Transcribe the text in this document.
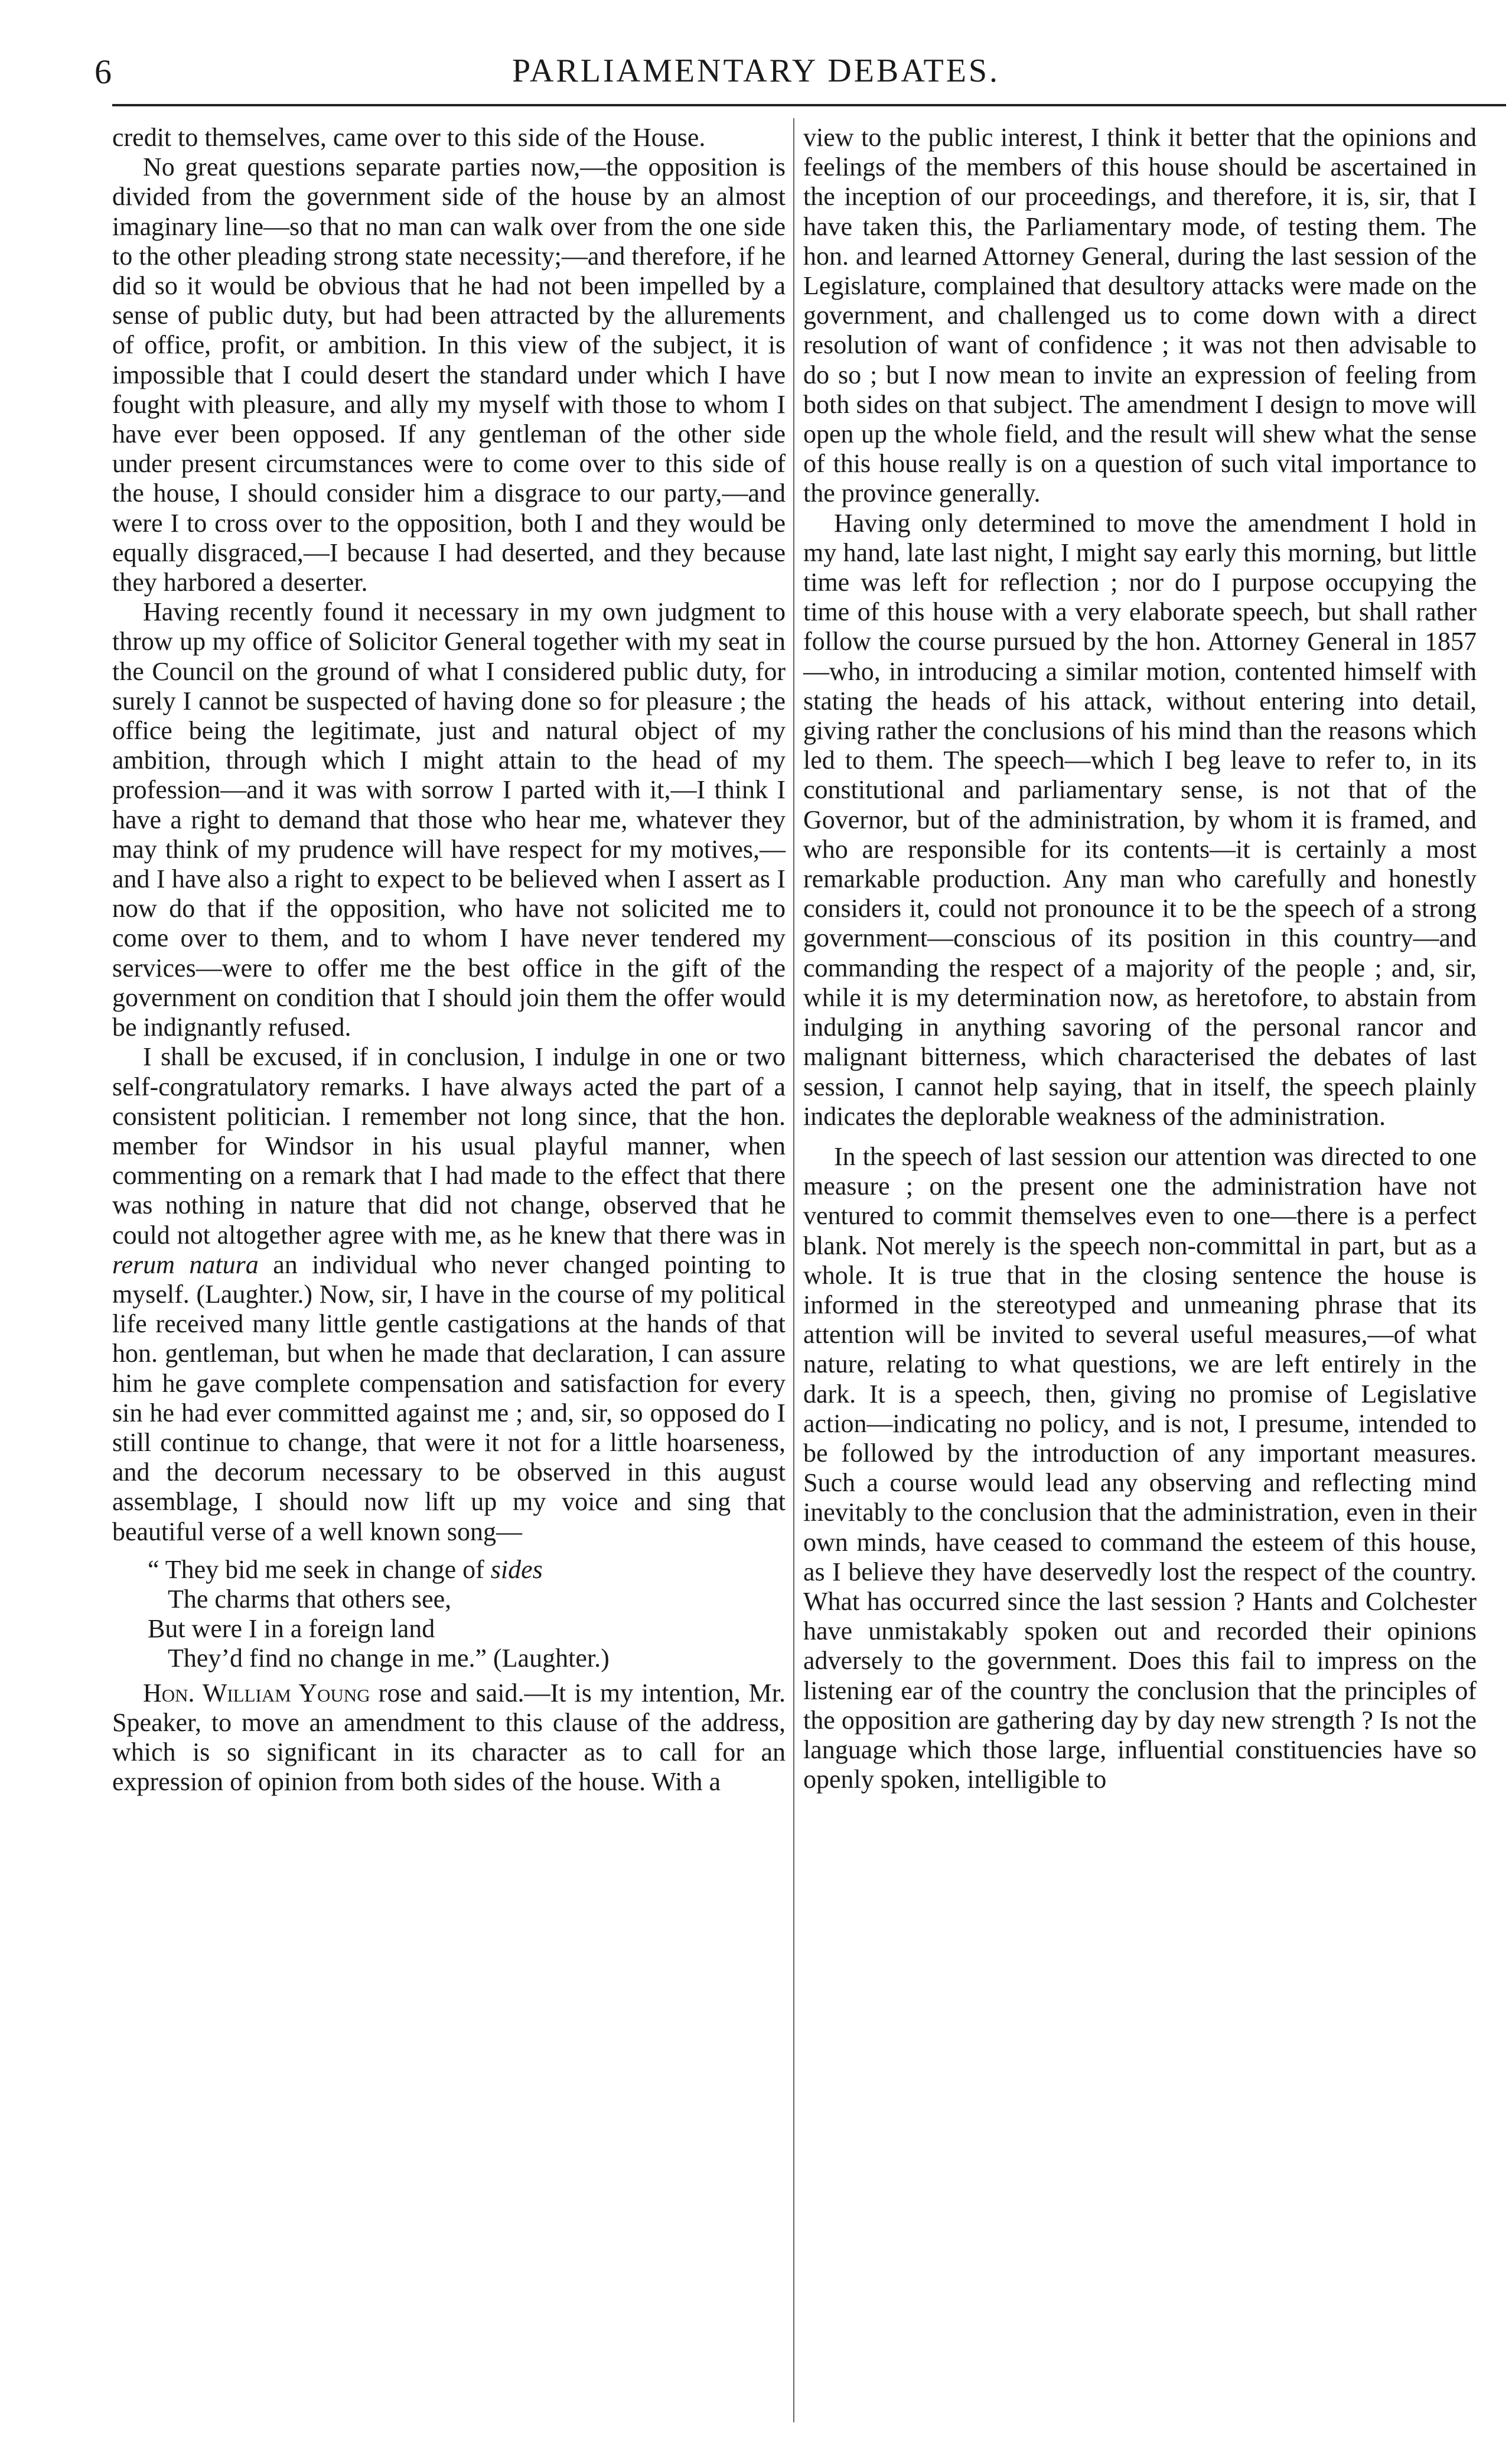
6	PARLIAMENTARY DEBATES.

credit to themselves, came over to this side of the House.

No great questions separate parties now,—the opposition is divided from the government side of the house by an almost imaginary line—so that no man can walk over from the one side to the other pleading strong state necessity;—and therefore, if he did so it would be obvious that he had not been impelled by a sense of public duty, but had been attracted by the allurements of office, profit, or ambition. In this view of the subject, it is impossible that I could desert the standard under which I have fought with pleasure, and ally my myself with those to whom I have ever been opposed. If any gentleman of the other side under present circumstances were to come over to this side of the house, I should consider him a disgrace to our party,—and were I to cross over to the opposition, both I and they would be equally disgraced,—I because I had deserted, and they because they harbored a deserter.

Having recently found it necessary in my own judgment to throw up my office of Solicitor General together with my seat in the Council on the ground of what I considered public duty, for surely I cannot be suspected of having done so for pleasure ; the office being the legitimate, just and natural object of my ambition, through which I might attain to the head of my profession—and it was with sorrow I parted with it,—I think I have a right to demand that those who hear me, whatever they may think of my prudence will have respect for my motives,—and I have also a right to expect to be believed when I assert as I now do that if the opposition, who have not solicited me to come over to them, and to whom I have never tendered my services—were to offer me the best office in the gift of the government on condition that I should join them the offer would be indignantly refused.

I shall be excused, if in conclusion, I indulge in one or two self-congratulatory remarks. I have always acted the part of a consistent politician. I remember not long since, that the hon. member for Windsor in his usual playful manner, when commenting on a remark that I had made to the effect that there was nothing in nature that did not change, observed that he could not altogether agree with me, as he knew that there was in rerum natura an individual who never changed pointing to myself. (Laughter.) Now, sir, I have in the course of my political life received many little gentle castigations at the hands of that hon. gentleman, but when he made that declaration, I can assure him he gave complete compensation and satisfaction for every sin he had ever committed against me ; and, sir, so opposed do I still continue to change, that were it not for a little hoarseness, and the decorum necessary to be observed in this august assemblage, I should now lift up my voice and sing that beautiful verse of a well known song—

“ They bid me seek in change of sides
The charms that others see,
But were I in a foreign land
They’d find no change in me.” (Laughter.)

Hon. William Young rose and said.—It is my intention, Mr. Speaker, to move an amendment to this clause of the address, which is so significant in its character as to call for an expression of opinion from both sides of the house. With a

view to the public interest, I think it better that the opinions and feelings of the members of this house should be ascertained in the inception of our proceedings, and therefore, it is, sir, that I have taken this, the Parliamentary mode, of testing them. The hon. and learned Attorney General, during the last session of the Legislature, complained that desultory attacks were made on the government, and challenged us to come down with a direct resolution of want of confidence ; it was not then advisable to do so ; but I now mean to invite an expression of feeling from both sides on that subject. The amendment I design to move will open up the whole field, and the result will shew what the sense of this house really is on a question of such vital importance to the province generally.

Having only determined to move the amendment I hold in my hand, late last night, I might say early this morning, but little time was left for reflection ; nor do I purpose occupying the time of this house with a very elaborate speech, but shall rather follow the course pursued by the hon. Attorney General in 1857—who, in introducing a similar motion, contented himself with stating the heads of his attack, without entering into detail, giving rather the conclusions of his mind than the reasons which led to them. The speech—which I beg leave to refer to, in its constitutional and parliamentary sense, is not that of the Governor, but of the administration, by whom it is framed, and who are responsible for its contents—it is certainly a most remarkable production. Any man who carefully and honestly considers it, could not pronounce it to be the speech of a strong government—conscious of its position in this country—and commanding the respect of a majority of the people ; and, sir, while it is my determination now, as heretofore, to abstain from indulging in anything savoring of the personal rancor and malignant bitterness, which characterised the debates of last session, I cannot help saying, that in itself, the speech plainly indicates the deplorable weakness of the administration.

In the speech of last session our attention was directed to one measure ; on the present one the administration have not ventured to commit themselves even to one—there is a perfect blank. Not merely is the speech non-committal in part, but as a whole. It is true that in the closing sentence the house is informed in the stereotyped and unmeaning phrase that its attention will be invited to several useful measures,—of what nature, relating to what questions, we are left entirely in the dark. It is a speech, then, giving no promise of Legislative action—indicating no policy, and is not, I presume, intended to be followed by the introduction of any important measures. Such a course would lead any observing and reflecting mind inevitably to the conclusion that the administration, even in their own minds, have ceased to command the esteem of this house, as I believe they have deservedly lost the respect of the country. What has occurred since the last session ? Hants and Colchester have unmistakably spoken out and recorded their opinions adversely to the government. Does this fail to impress on the listening ear of the country the conclusion that the principles of the opposition are gathering day by day new strength ? Is not the language which those large, influential constituencies have so openly spoken, intelligible to
